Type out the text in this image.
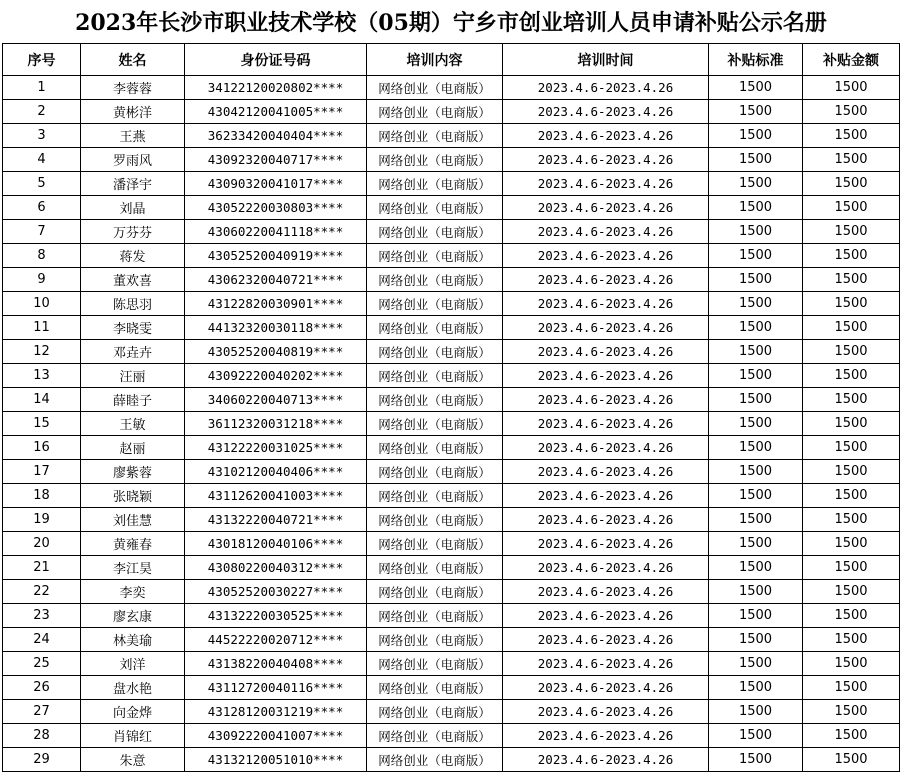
2023年长沙市职业技术学校（05期）宁乡市创业培训人员申请补贴公示名册
序号	姓名	身份证号码	培训内容	培训时间	补贴标准	补贴金额
1	李蓉蓉	34122120020802****	网络创业（电商版）	2023.4.6-2023.4.26	1500	1500
2	黄彬洋	43042120041005****	网络创业（电商版）	2023.4.6-2023.4.26	1500	1500
3	王燕	36233420040404****	网络创业（电商版）	2023.4.6-2023.4.26	1500	1500
4	罗雨风	43092320040717****	网络创业（电商版）	2023.4.6-2023.4.26	1500	1500
5	潘泽宇	43090320041017****	网络创业（电商版）	2023.4.6-2023.4.26	1500	1500
6	刘晶	43052220030803****	网络创业（电商版）	2023.4.6-2023.4.26	1500	1500
7	万芬芬	43060220041118****	网络创业（电商版）	2023.4.6-2023.4.26	1500	1500
8	蒋发	43052520040919****	网络创业（电商版）	2023.4.6-2023.4.26	1500	1500
9	董欢喜	43062320040721****	网络创业（电商版）	2023.4.6-2023.4.26	1500	1500
10	陈思羽	43122820030901****	网络创业（电商版）	2023.4.6-2023.4.26	1500	1500
11	李晓雯	44132320030118****	网络创业（电商版）	2023.4.6-2023.4.26	1500	1500
12	邓垚卉	43052520040819****	网络创业（电商版）	2023.4.6-2023.4.26	1500	1500
13	汪丽	43092220040202****	网络创业（电商版）	2023.4.6-2023.4.26	1500	1500
14	薛睦子	34060220040713****	网络创业（电商版）	2023.4.6-2023.4.26	1500	1500
15	王敏	36112320031218****	网络创业（电商版）	2023.4.6-2023.4.26	1500	1500
16	赵丽	43122220031025****	网络创业（电商版）	2023.4.6-2023.4.26	1500	1500
17	廖紫蓉	43102120040406****	网络创业（电商版）	2023.4.6-2023.4.26	1500	1500
18	张晓颖	43112620041003****	网络创业（电商版）	2023.4.6-2023.4.26	1500	1500
19	刘佳慧	43132220040721****	网络创业（电商版）	2023.4.6-2023.4.26	1500	1500
20	黄雍春	43018120040106****	网络创业（电商版）	2023.4.6-2023.4.26	1500	1500
21	李江昊	43080220040312****	网络创业（电商版）	2023.4.6-2023.4.26	1500	1500
22	李奕	43052520030227****	网络创业（电商版）	2023.4.6-2023.4.26	1500	1500
23	廖玄康	43132220030525****	网络创业（电商版）	2023.4.6-2023.4.26	1500	1500
24	林美瑜	44522220020712****	网络创业（电商版）	2023.4.6-2023.4.26	1500	1500
25	刘洋	43138220040408****	网络创业（电商版）	2023.4.6-2023.4.26	1500	1500
26	盘水艳	43112720040116****	网络创业（电商版）	2023.4.6-2023.4.26	1500	1500
27	向金烨	43128120031219****	网络创业（电商版）	2023.4.6-2023.4.26	1500	1500
28	肖锦红	43092220041007****	网络创业（电商版）	2023.4.6-2023.4.26	1500	1500
29	朱意	43132120051010****	网络创业（电商版）	2023.4.6-2023.4.26	1500	1500
